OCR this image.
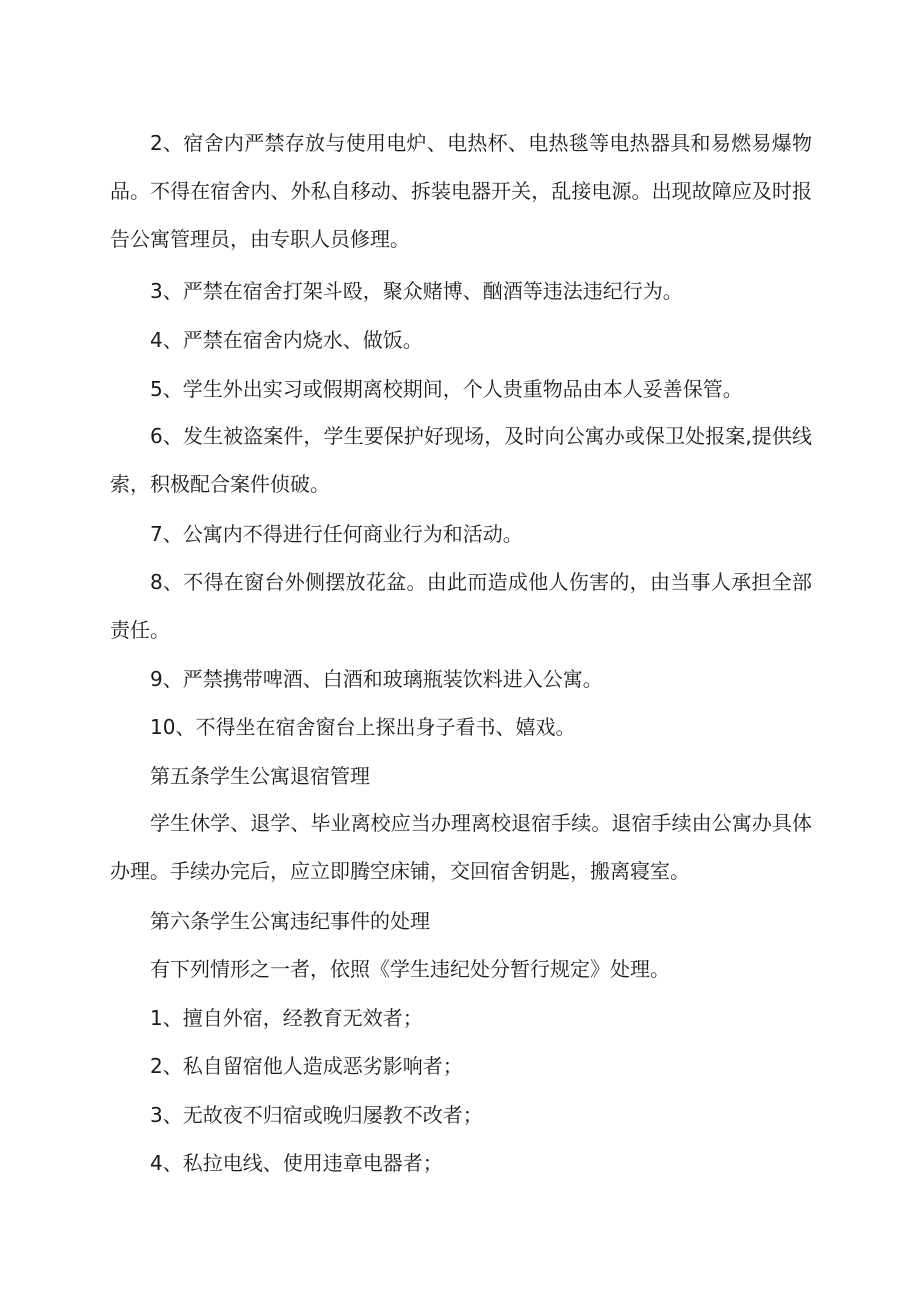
2、宿舍内严禁存放与使用电炉、电热杯、电热毯等电热器具和易燃易爆物品。不得在宿舍内、外私自移动、拆装电器开关，乱接电源。出现故障应及时报告公寓管理员，由专职人员修理。

3、严禁在宿舍打架斗殴，聚众赌博、酗酒等违法违纪行为。

4、严禁在宿舍内烧水、做饭。

5、学生外出实习或假期离校期间，个人贵重物品由本人妥善保管。

6、发生被盗案件，学生要保护好现场，及时向公寓办或保卫处报案,提供线索，积极配合案件侦破。

7、公寓内不得进行任何商业行为和活动。

8、不得在窗台外侧摆放花盆。由此而造成他人伤害的，由当事人承担全部责任。

9、严禁携带啤酒、白酒和玻璃瓶装饮料进入公寓。

10、不得坐在宿舍窗台上探出身子看书、嬉戏。

第五条学生公寓退宿管理

学生休学、退学、毕业离校应当办理离校退宿手续。退宿手续由公寓办具体办理。手续办完后，应立即腾空床铺，交回宿舍钥匙，搬离寝室。

第六条学生公寓违纪事件的处理

有下列情形之一者，依照《学生违纪处分暂行规定》处理。

1、擅自外宿，经教育无效者；

2、私自留宿他人造成恶劣影响者；

3、无故夜不归宿或晚归屡教不改者；

4、私拉电线、使用违章电器者；
